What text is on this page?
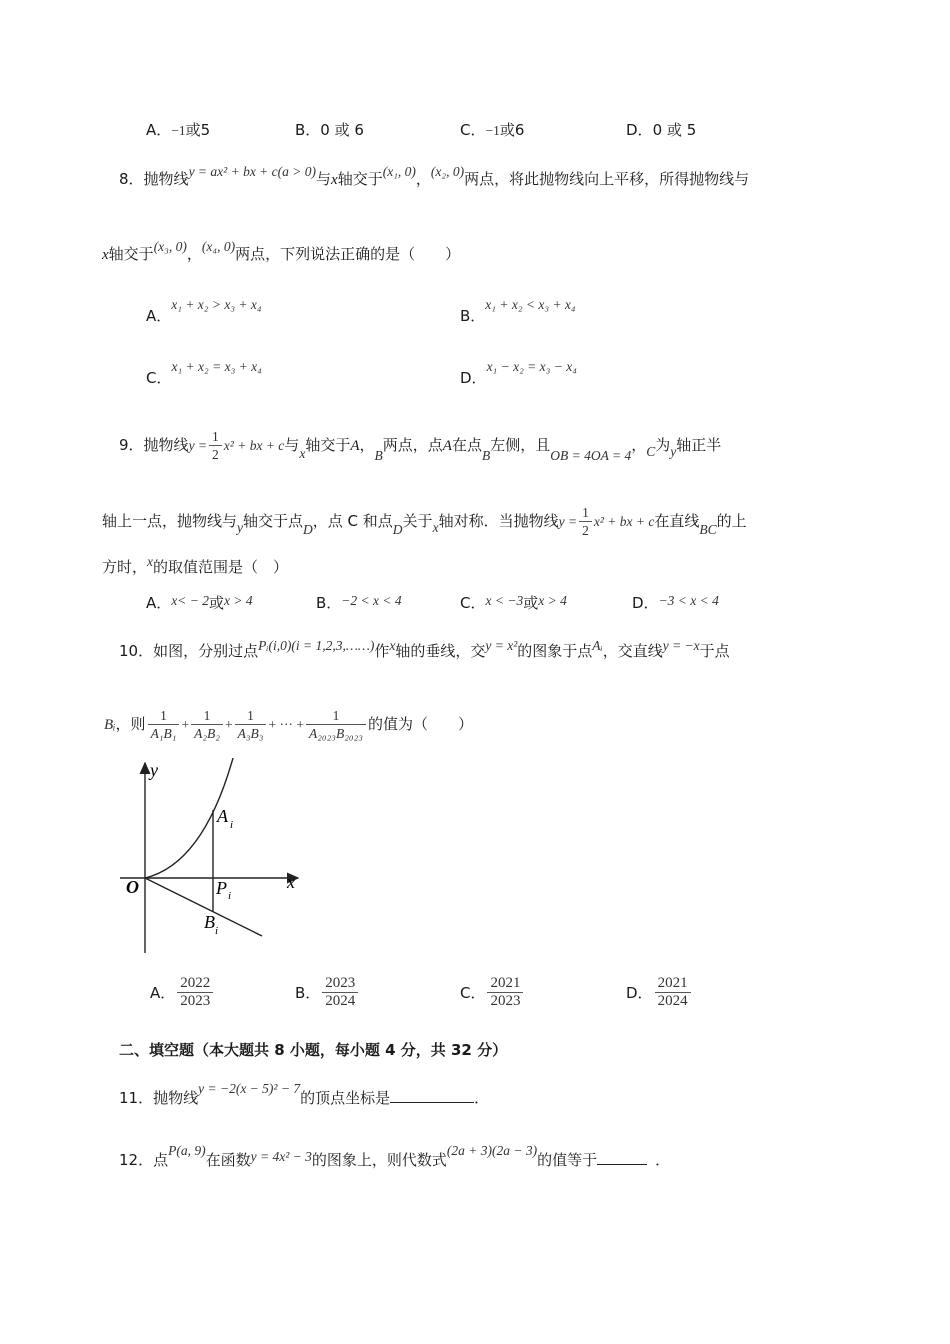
A．−1或5	B．0 或 6	C．−1或6	D．0 或 5
8．抛物线y = ax² + bx + c(a > 0)与x轴交于(x₁, 0)，(x₂, 0)两点，将此抛物线向上平移，所得抛物线与
x轴交于(x₃, 0)，(x₄, 0)两点，下列说法正确的是（　　）
A．x₁ + x₂ > x₃ + x₄
B．x₁ + x₂ < x₃ + x₄
C．x₁ + x₂ = x₃ + x₄
D．x₁ − x₂ = x₃ − x₄
9．抛物线$y = \frac{1}{2} x^2$ + bx + c与x轴交于A，B两点，点A在点B左侧，且OB = 4OA = 4，C为y轴正半
轴上一点，抛物线与y轴交于点D，点 C 和点D关于x轴对称．当抛物线$y = \frac{1}{2} x^2$ + bx + c在直线BC的上
方时，x的取值范围是（　）
A．x< − 2或x > 4	B．−2 < x < 4	C．x < −3或x > 4	D．−3 < x < 4
10．如图，分别过点Pᵢ(i,0)(i = 1,2,3,……)作x轴的垂线，交y = x²的图象于点Aᵢ，交直线y = −x于点
Bᵢ，则 $\frac{1}{\text{A₁B₁}} + \frac{1}{\text{A₂B₂}} + \frac{1}{\text{A₃B₃}}$ + ··· + $\frac{1}{\text{A₂₀₂₃B₂₀₂₃}}$ 的值为（　　）
y
x
O
A i
P i
B i
A． $\frac{2022}{2023}$	B． $\frac{2023}{2024}$	C． $\frac{2021}{2023}$	D． $\frac{2021}{2024}$
二、填空题（本大题共 8 小题，每小题 4 分，共 32 分）
11．抛物线y = −2(x − 5)² − 7的顶点坐标是	．
12．点P(a, 9)在函数y = 4x² − 3的图象上，则代数式(2a + 3)(2a − 3)的值等于	．
